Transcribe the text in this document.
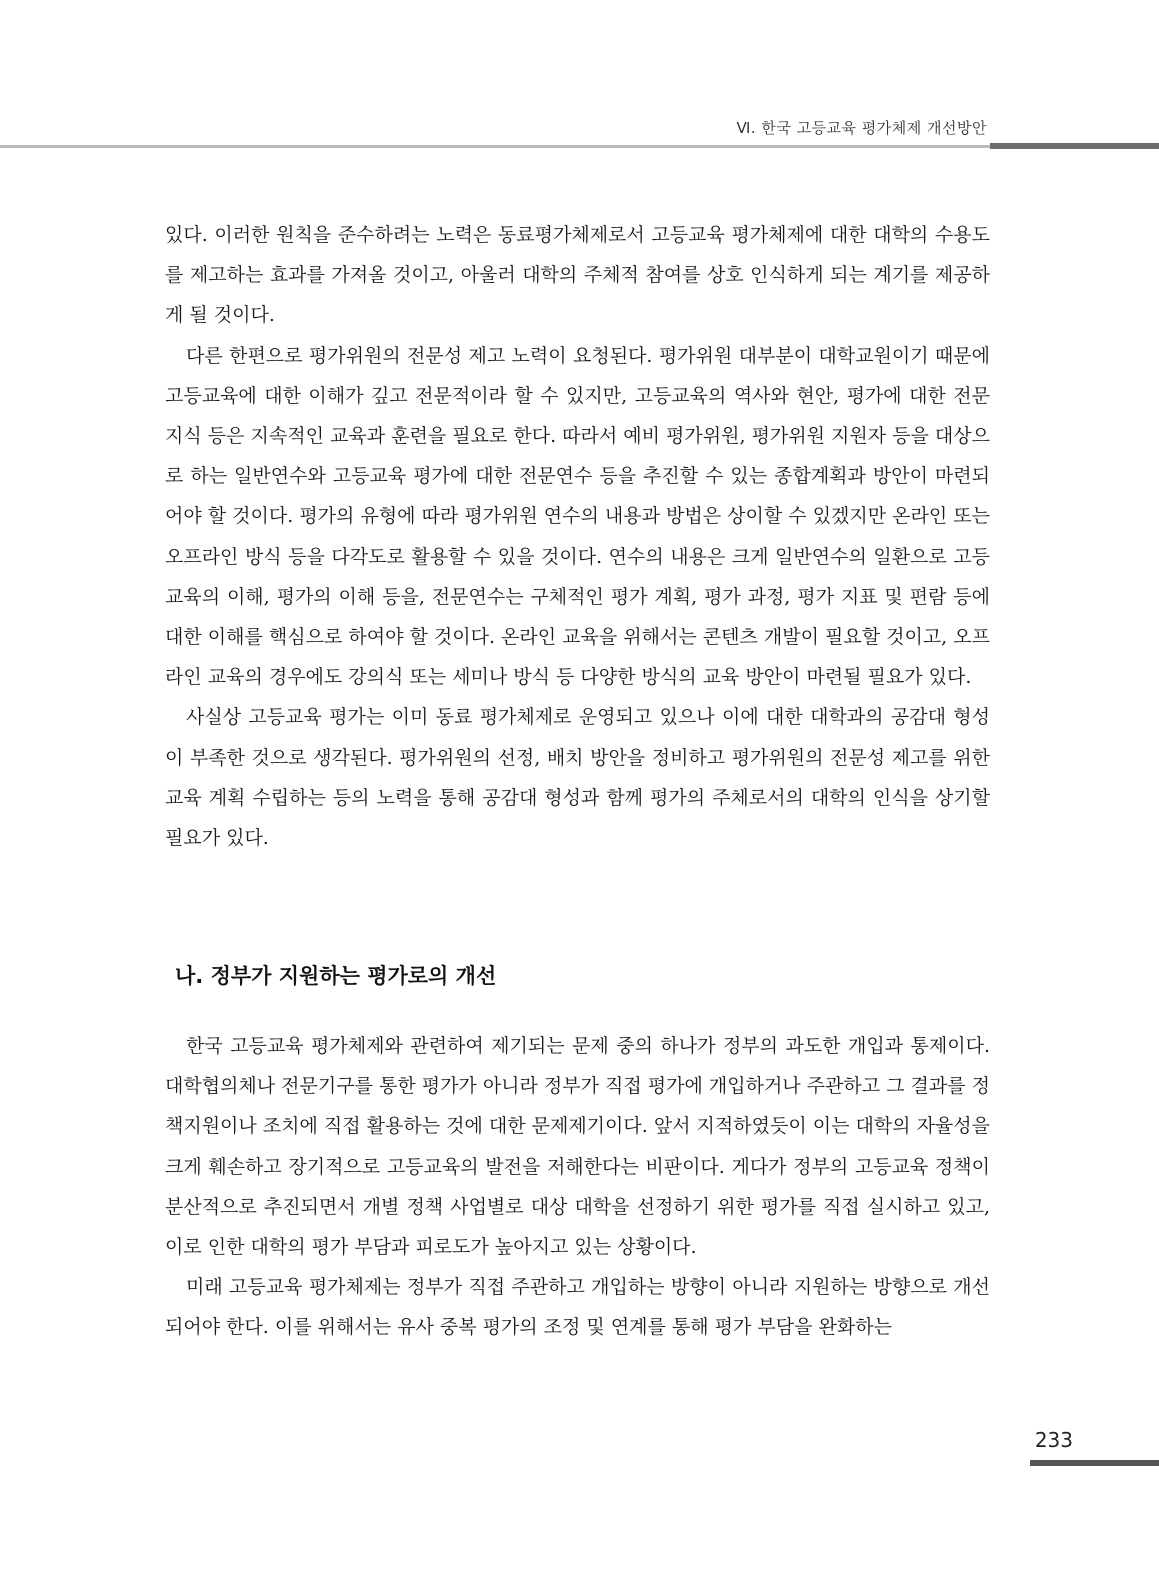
Ⅵ. 한국 고등교육 평가체제 개선방안

있다. 이러한 원칙을 준수하려는 노력은 동료평가체제로서 고등교육 평가체제에 대한 대학의 수용도를 제고하는 효과를 가져올 것이고, 아울러 대학의 주체적 참여를 상호 인식하게 되는 계기를 제공하게 될 것이다.

다른 한편으로 평가위원의 전문성 제고 노력이 요청된다. 평가위원 대부분이 대학교원이기 때문에 고등교육에 대한 이해가 깊고 전문적이라 할 수 있지만, 고등교육의 역사와 현안, 평가에 대한 전문 지식 등은 지속적인 교육과 훈련을 필요로 한다. 따라서 예비 평가위원, 평가위원 지원자 등을 대상으로 하는 일반연수와 고등교육 평가에 대한 전문연수 등을 추진할 수 있는 종합계획과 방안이 마련되어야 할 것이다. 평가의 유형에 따라 평가위원 연수의 내용과 방법은 상이할 수 있겠지만 온라인 또는 오프라인 방식 등을 다각도로 활용할 수 있을 것이다. 연수의 내용은 크게 일반연수의 일환으로 고등교육의 이해, 평가의 이해 등을, 전문연수는 구체적인 평가 계획, 평가 과정, 평가 지표 및 편람 등에 대한 이해를 핵심으로 하여야 할 것이다. 온라인 교육을 위해서는 콘텐츠 개발이 필요할 것이고, 오프라인 교육의 경우에도 강의식 또는 세미나 방식 등 다양한 방식의 교육 방안이 마련될 필요가 있다.

사실상 고등교육 평가는 이미 동료 평가체제로 운영되고 있으나 이에 대한 대학과의 공감대 형성이 부족한 것으로 생각된다. 평가위원의 선정, 배치 방안을 정비하고 평가위원의 전문성 제고를 위한 교육 계획 수립하는 등의 노력을 통해 공감대 형성과 함께 평가의 주체로서의 대학의 인식을 상기할 필요가 있다.

나. 정부가 지원하는 평가로의 개선

한국 고등교육 평가체제와 관련하여 제기되는 문제 중의 하나가 정부의 과도한 개입과 통제이다. 대학협의체나 전문기구를 통한 평가가 아니라 정부가 직접 평가에 개입하거나 주관하고 그 결과를 정책지원이나 조치에 직접 활용하는 것에 대한 문제제기이다. 앞서 지적하였듯이 이는 대학의 자율성을 크게 훼손하고 장기적으로 고등교육의 발전을 저해한다는 비판이다. 게다가 정부의 고등교육 정책이 분산적으로 추진되면서 개별 정책 사업별로 대상 대학을 선정하기 위한 평가를 직접 실시하고 있고, 이로 인한 대학의 평가 부담과 피로도가 높아지고 있는 상황이다.

미래 고등교육 평가체제는 정부가 직접 주관하고 개입하는 방향이 아니라 지원하는 방향으로 개선되어야 한다. 이를 위해서는 유사 중복 평가의 조정 및 연계를 통해 평가 부담을 완화하는

233
